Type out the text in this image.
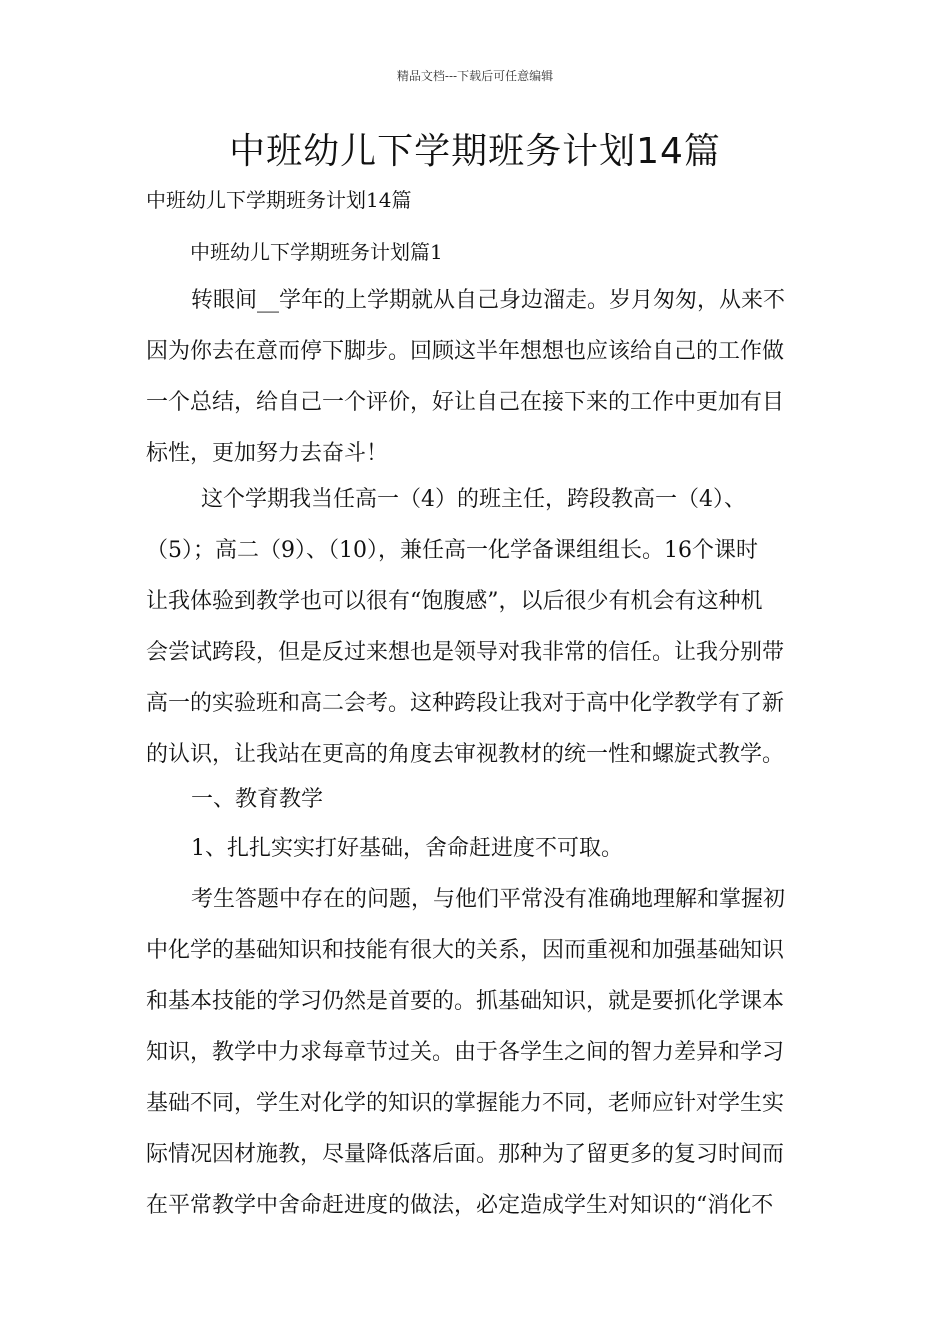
精品文档---下载后可任意编辑
中班幼儿下学期班务计划14篇
中班幼儿下学期班务计划14篇
中班幼儿下学期班务计划篇1
转眼间__学年的上学期就从自己身边溜走。岁月匆匆，从来不
因为你去在意而停下脚步。回顾这半年想想也应该给自己的工作做
一个总结，给自己一个评价，好让自己在接下来的工作中更加有目
标性，更加努力去奋斗！
这个学期我当任高一（4）的班主任，跨段教高一（4）、
（5）；高二（9）、（10），兼任高一化学备课组组长。16个课时
让我体验到教学也可以很有“饱腹感”，以后很少有机会有这种机
会尝试跨段，但是反过来想也是领导对我非常的信任。让我分别带
高一的实验班和高二会考。这种跨段让我对于高中化学教学有了新
的认识，让我站在更高的角度去审视教材的统一性和螺旋式教学。
一、教育教学
1、扎扎实实打好基础，舍命赶进度不可取。
考生答题中存在的问题，与他们平常没有准确地理解和掌握初
中化学的基础知识和技能有很大的关系，因而重视和加强基础知识
和基本技能的学习仍然是首要的。抓基础知识，就是要抓化学课本
知识，教学中力求每章节过关。由于各学生之间的智力差异和学习
基础不同，学生对化学的知识的掌握能力不同，老师应针对学生实
际情况因材施教，尽量降低落后面。那种为了留更多的复习时间而
在平常教学中舍命赶进度的做法，必定造成学生对知识的“消化不
